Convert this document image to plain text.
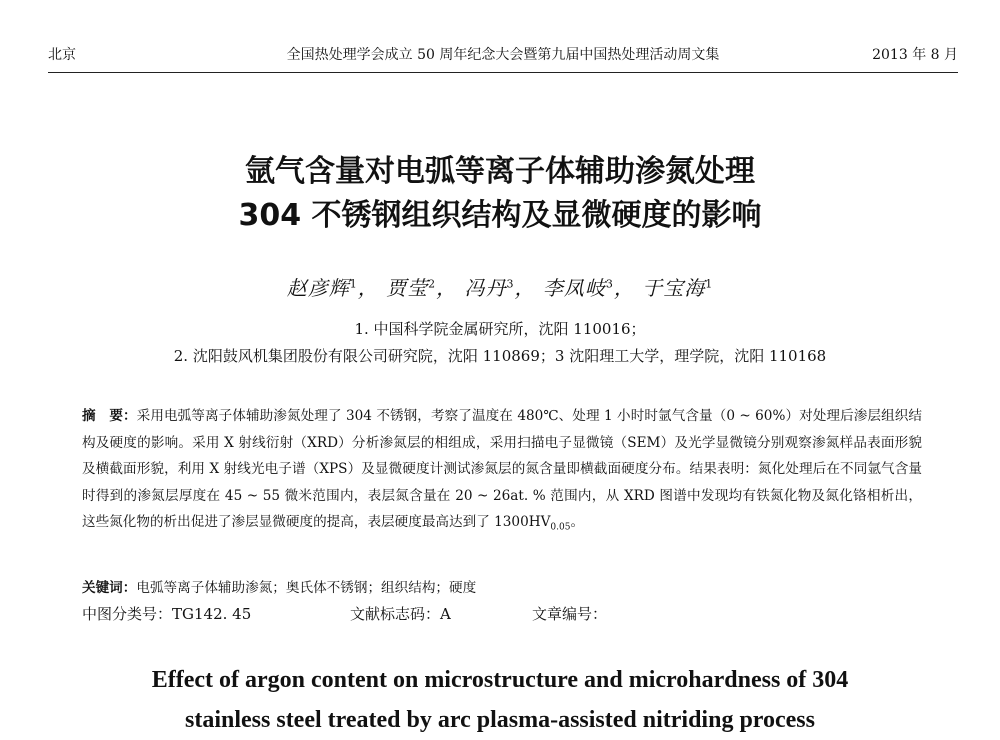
北京	全国热处理学会成立 50 周年纪念大会暨第九届中国热处理活动周文集	2013 年 8 月
氩气含量对电弧等离子体辅助渗氮处理
304 不锈钢组织结构及显微硬度的影响
赵彦辉$^1$， 贾莹$^2$， 冯丹$^3$， 李凤岐$^3$， 于宝海$^1$
1. 中国科学院金属研究所，沈阳 110016；
2. 沈阳鼓风机集团股份有限公司研究院，沈阳 110869；3 沈阳理工大学，理学院，沈阳 110168
摘　要：采用电弧等离子体辅助渗氮处理了 304 不锈钢，考察了温度在 480℃、处理 1 小时时氩气含量（0 ~ 60%）对处理后渗层组织结构及硬度的影响。采用 X 射线衍射（XRD）分析渗氮层的相组成，采用扫描电子显微镜（SEM）及光学显微镜分别观察渗氮样品表面形貌及横截面形貌，利用 X 射线光电子谱（XPS）及显微硬度计测试渗氮层的氮含量即横截面硬度分布。结果表明：氮化处理后在不同氩气含量时得到的渗氮层厚度在 45 ~ 55 微米范围内，表层氮含量在 20 ~ 26at. % 范围内，从 XRD 图谱中发现均有铁氮化物及氮化铬相析出，这些氮化物的析出促进了渗层显微硬度的提高，表层硬度最高达到了 $1300HV_{0.05}$。
关键词：电弧等离子体辅助渗氮；奥氏体不锈钢；组织结构；硬度
中图分类号：TG142. 45	文献标志码：A	文章编号：
Effect of argon content on microstructure and microhardness of 304
stainless steel treated by arc plasma-assisted nitriding process
